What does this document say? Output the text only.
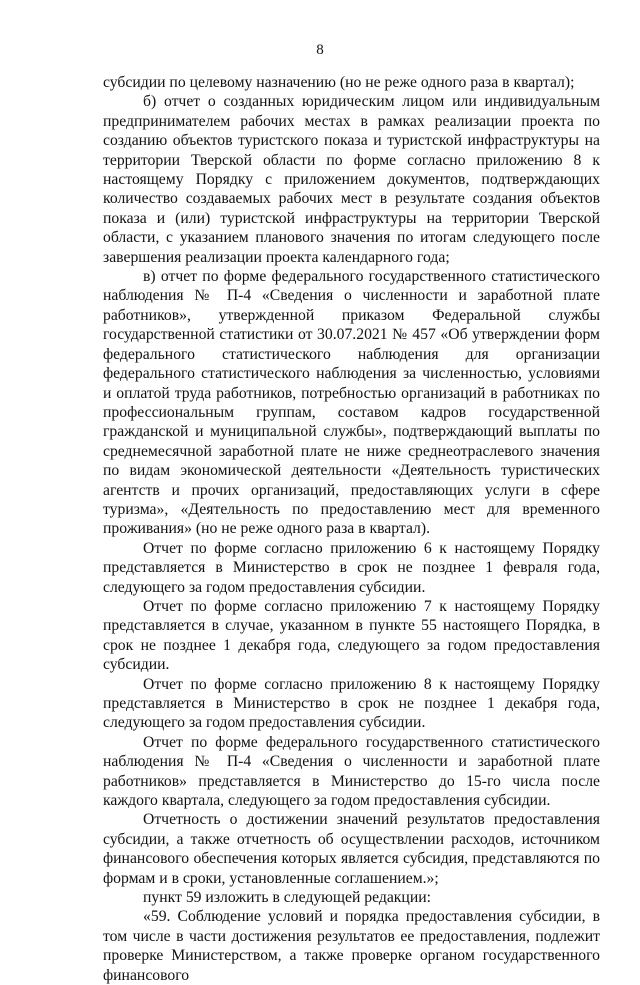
8

субсидии по целевому назначению (но не реже одного раза в квартал);

б) отчет о созданных юридическим лицом или индивидуальным предпринимателем рабочих местах в рамках реализации проекта по созданию объектов туристского показа и туристской инфраструктуры на территории Тверской области по форме согласно приложению 8 к настоящему Порядку с приложением документов, подтверждающих количество создаваемых рабочих мест в результате создания объектов показа и (или) туристской инфраструктуры на территории Тверской области, с указанием планового значения по итогам следующего после завершения реализации проекта календарного года;

в) отчет по форме федерального государственного статистического наблюдения № П-4 «Сведения о численности и заработной плате работников», утвержденной приказом Федеральной службы государственной статистики от 30.07.2021 № 457 «Об утверждении форм федерального статистического наблюдения для организации федерального статистического наблюдения за численностью, условиями и оплатой труда работников, потребностью организаций в работниках по профессиональным группам, составом кадров государственной гражданской и муниципальной службы», подтверждающий выплаты по среднемесячной заработной плате не ниже среднеотраслевого значения по видам экономической деятельности «Деятельность туристических агентств и прочих организаций, предоставляющих услуги в сфере туризма», «Деятельность по предоставлению мест для временного проживания» (но не реже одного раза в квартал).

Отчет по форме согласно приложению 6 к настоящему Порядку представляется в Министерство в срок не позднее 1 февраля года, следующего за годом предоставления субсидии.

Отчет по форме согласно приложению 7 к настоящему Порядку представляется в случае, указанном в пункте 55 настоящего Порядка, в срок не позднее 1 декабря года, следующего за годом предоставления субсидии.

Отчет по форме согласно приложению 8 к настоящему Порядку представляется в Министерство в срок не позднее 1 декабря года, следующего за годом предоставления субсидии.

Отчет по форме федерального государственного статистического наблюдения № П-4 «Сведения о численности и заработной плате работников» представляется в Министерство до 15-го числа после каждого квартала, следующего за годом предоставления субсидии.

Отчетность о достижении значений результатов предоставления субсидии, а также отчетность об осуществлении расходов, источником финансового обеспечения которых является субсидия, представляются по формам и в сроки, установленные соглашением.»;

пункт 59 изложить в следующей редакции:

«59. Соблюдение условий и порядка предоставления субсидии, в том числе в части достижения результатов ее предоставления, подлежит проверке Министерством, а также проверке органом государственного финансового
